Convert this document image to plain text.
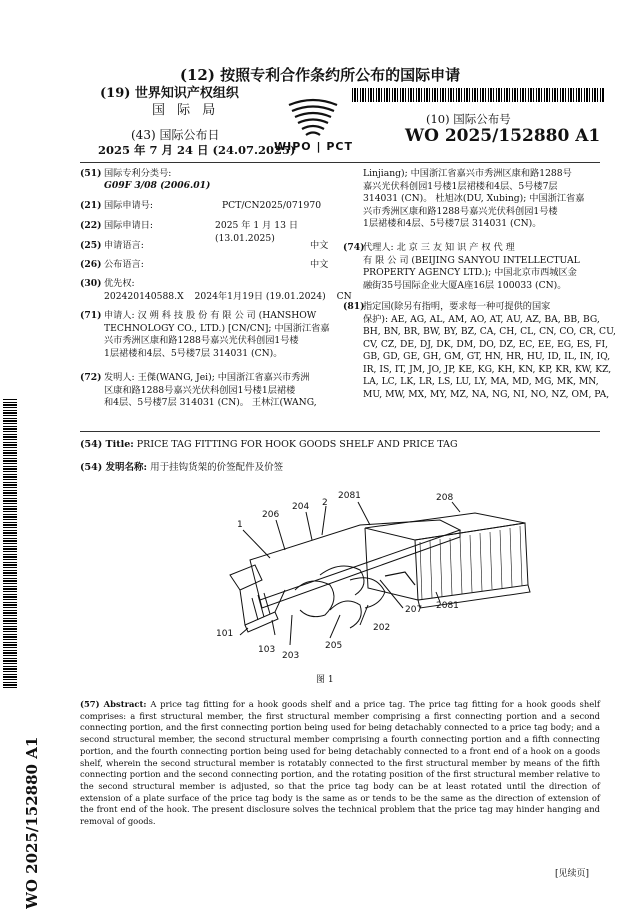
(12) 按照专利合作条约所公布的国际申请
(19) 世界知识产权组织
国 际 局
(43) 国际公布日
2025 年 7 月 24 日 (24.07.2025)
WIPO | PCT
(10) 国际公布号
WO 2025/152880 A1
(51) 国际专利分类号:
G09F 3/08 (2006.01)
(21) 国际申请号:	PCT/CN2025/071970
(22) 国际申请日:	2025 年 1 月 13 日 (13.01.2025)
(25) 申请语言:	中文
(26) 公布语言:	中文
(30) 优先权:
202420140588.X 2024年1月19日 (19.01.2024) CN
(71) 申请人: 汉 朔 科 技 股 份 有 限 公 司 (HANSHOW
TECHNOLOGY CO., LTD.) [CN/CN]; 中国浙江省嘉
兴市秀洲区康和路1288号嘉兴光伏科创园1号楼
1层裙楼和4层、5号楼7层 314031 (CN)。
(72) 发明人: 王傑(WANG, Jei); 中国浙江省嘉兴市秀洲
区康和路1288号嘉兴光伏科创园1号楼1层裙楼
和4层、5号楼7层 314031 (CN)。 王林江(WANG,
Linjiang); 中国浙江省嘉兴市秀洲区康和路1288号
嘉兴光伏科创园1号楼1层裙楼和4层、5号楼7层
314031 (CN)。 杜旭冰(DU, Xubing); 中国浙江省嘉
兴市秀洲区康和路1288号嘉兴光伏科创园1号楼
1层裙楼和4层、5号楼7层 314031 (CN)。
(74)
代理人: 北 京 三 友 知 识 产 权 代 理
有 限 公 司 (BEIJING SANYOU INTELLECTUAL
PROPERTY AGENCY LTD.); 中国北京市西城区金
融街35号国际企业大厦A座16层 100033 (CN)。
(81)
指定国(除另有指明，要求每一种可提供的国家
保护): AE, AG, AL, AM, AO, AT, AU, AZ, BA, BB, BG,
BH, BN, BR, BW, BY, BZ, CA, CH, CL, CN, CO, CR, CU,
CV, CZ, DE, DJ, DK, DM, DO, DZ, EC, EE, EG, ES, FI,
GB, GD, GE, GH, GM, GT, HN, HR, HU, ID, IL, IN, IQ,
IR, IS, IT, JM, JO, JP, KE, KG, KH, KN, KP, KR, KW, KZ,
LA, LC, LK, LR, LS, LU, LY, MA, MD, MG, MK, MN,
MU, MW, MX, MY, MZ, NA, NG, NI, NO, NZ, OM, PA,
WO 2025/152880 A1
(54) Title: PRICE TAG FITTING FOR HOOK GOODS SHELF AND PRICE TAG
(54) 发明名称: 用于挂钩货架的价签配件及价签
1
206
204 2
2081	208
101
103
203
205
202
207 2081
图 1
(57) Abstract: A price tag fitting for a hook goods shelf and a price tag. The price tag fitting for a hook goods shelf comprises: a first structural member, the first structural member comprising a first connecting portion and a second connecting portion, and the first connecting portion being used for being detachably connected to a price tag body; and a second structural member, the second structural member comprising a fourth connecting portion and a fifth connecting portion, and the fourth connecting portion being used for being detachably connected to a front end of a hook on a goods shelf, wherein the second structural member is rotatably connected to the first structural member by means of the fifth connecting portion and the second connecting portion, and the rotating position of the first structural member relative to the second structural member is adjusted, so that the price tag body can be at least rotated until the direction of extension of a plate surface of the price tag body is the same as or tends to be the same as the direction of extension of the front end of the hook. The present disclosure solves the technical problem that the price tag may hinder hanging and removal of goods.
[见续页]
